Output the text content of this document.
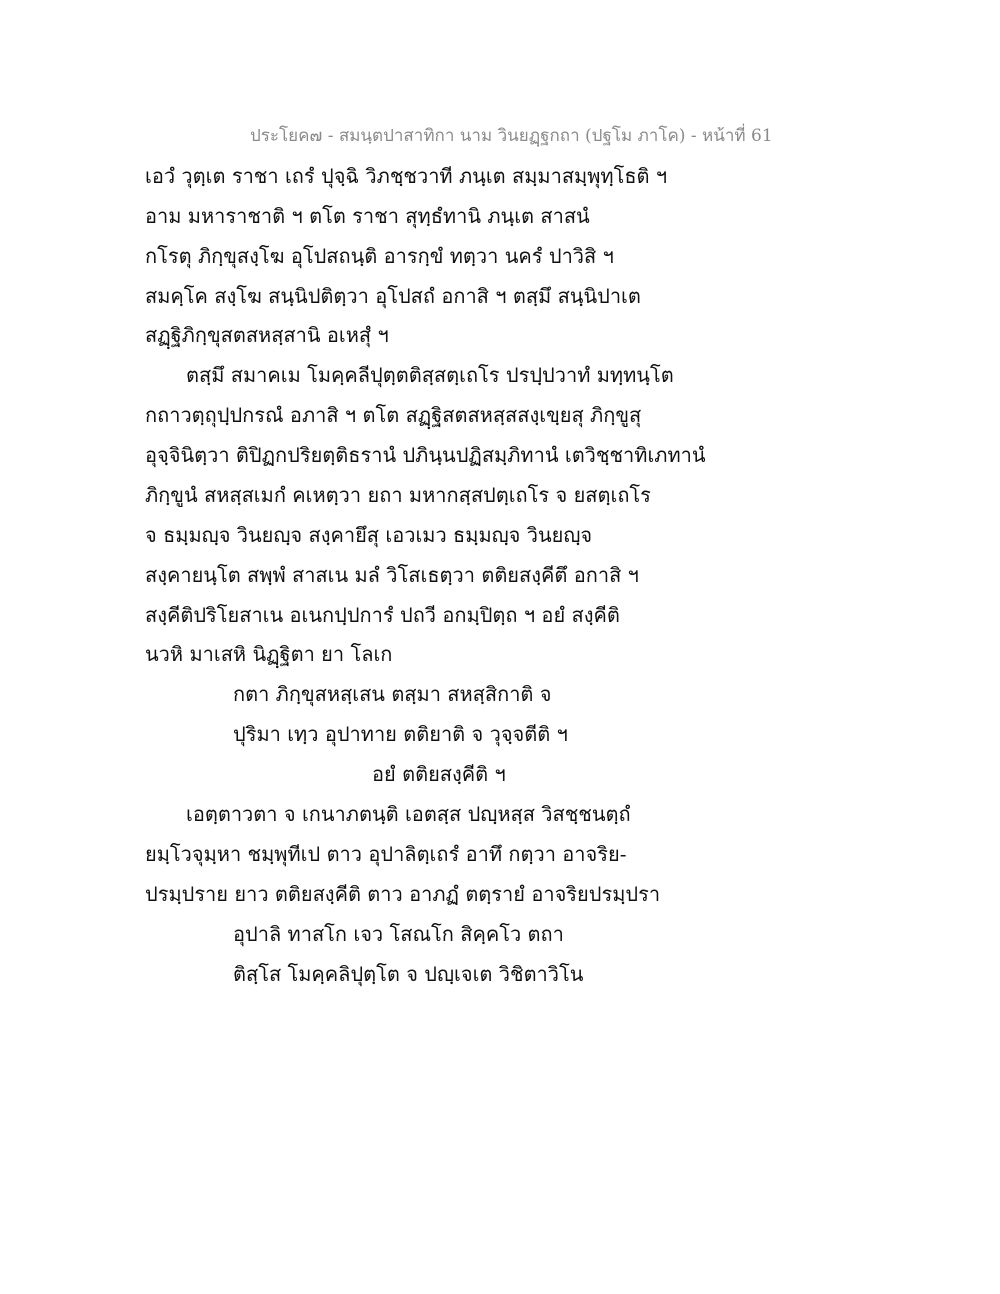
ประโยค๗ - สมนฺตปาสาทิกา นาม วินยฏฺฐกถา (ปฐโม ภาโค) - หน้าที่ 61
เอวํ วุตฺเต ราชา เถรํ ปุจฺฉิ วิภชฺชวาที ภนฺเต สมฺมาสมฺพุทฺโธติ ฯ
อาม มหาราชาติ ฯ ตโต ราชา สุทฺธํทานิ ภนฺเต สาสนํ
กโรตุ ภิกฺขุสงฺโฆ อุโปสถนฺติ อารกฺขํ ทตฺวา นครํ ปาวิสิ ฯ
สมคฺโค สงฺโฆ สนฺนิปติตฺวา อุโปสถํ อกาสิ ฯ ตสฺมึ สนฺนิปาเต
สฏฺฐิภิกฺขุสตสหสฺสานิ อเหสุํ ฯ
ตสฺมึ สมาคเม โมคฺคลีปุตฺตติสฺสตฺเถโร ปรปฺปวาทํ มทฺทนฺโต
กถาวตฺถุปฺปกรณํ อภาสิ ฯ ตโต สฏฺฐิสตสหสฺสสงฺเขฺยสุ ภิกฺขูสุ
อุจฺจินิตฺวา ติปิฏกปริยตฺติธรานํ ปภินฺนปฏิสมฺภิทานํ เตวิชฺชาทิเภทานํ
ภิกฺขูนํ สหสฺสเมกํ คเหตฺวา ยถา มหากสฺสปตฺเถโร จ ยสตฺเถโร
จ ธมฺมญฺจ วินยญฺจ สงฺคายึสุ เอวเมว ธมฺมญฺจ วินยญฺจ
สงฺคายนฺโต สพฺพํ สาสเน มลํ วิโสเธตฺวา ตติยสงฺคีตึ อกาสิ ฯ
สงฺคีติปริโยสาเน อเนกปฺปการํ ปถวี อกมฺปิตฺถ ฯ อยํ สงฺคีติ
นวหิ มาเสหิ นิฏฺฐิตา ยา โลเก
กตา ภิกฺขุสหสฺเสน ตสฺมา สหสฺสิกาติ จ
ปุริมา เทฺว อุปาทาย ตติยาติ จ วุจฺจตีติ ฯ
อยํ ตติยสงฺคีติ ฯ
เอตฺตาวตา จ เกนาภตนฺติ เอตสฺส ปญฺหสฺส วิสชฺชนตฺถํ
ยมฺโวจุมฺหา ชมฺพุทีเป ตาว อุปาลิตฺเถรํ อาทึ กตฺวา อาจริย-
ปรมฺปราย ยาว ตติยสงฺคีติ ตาว อาภฏํ ตตฺรายํ อาจริยปรมฺปรา
อุปาลิ ทาสโก เจว โสณโก สิคฺคโว ตถา
ติสฺโส โมคฺคลิปุตฺโต จ ปญฺเจเต วิชิตาวิโน
